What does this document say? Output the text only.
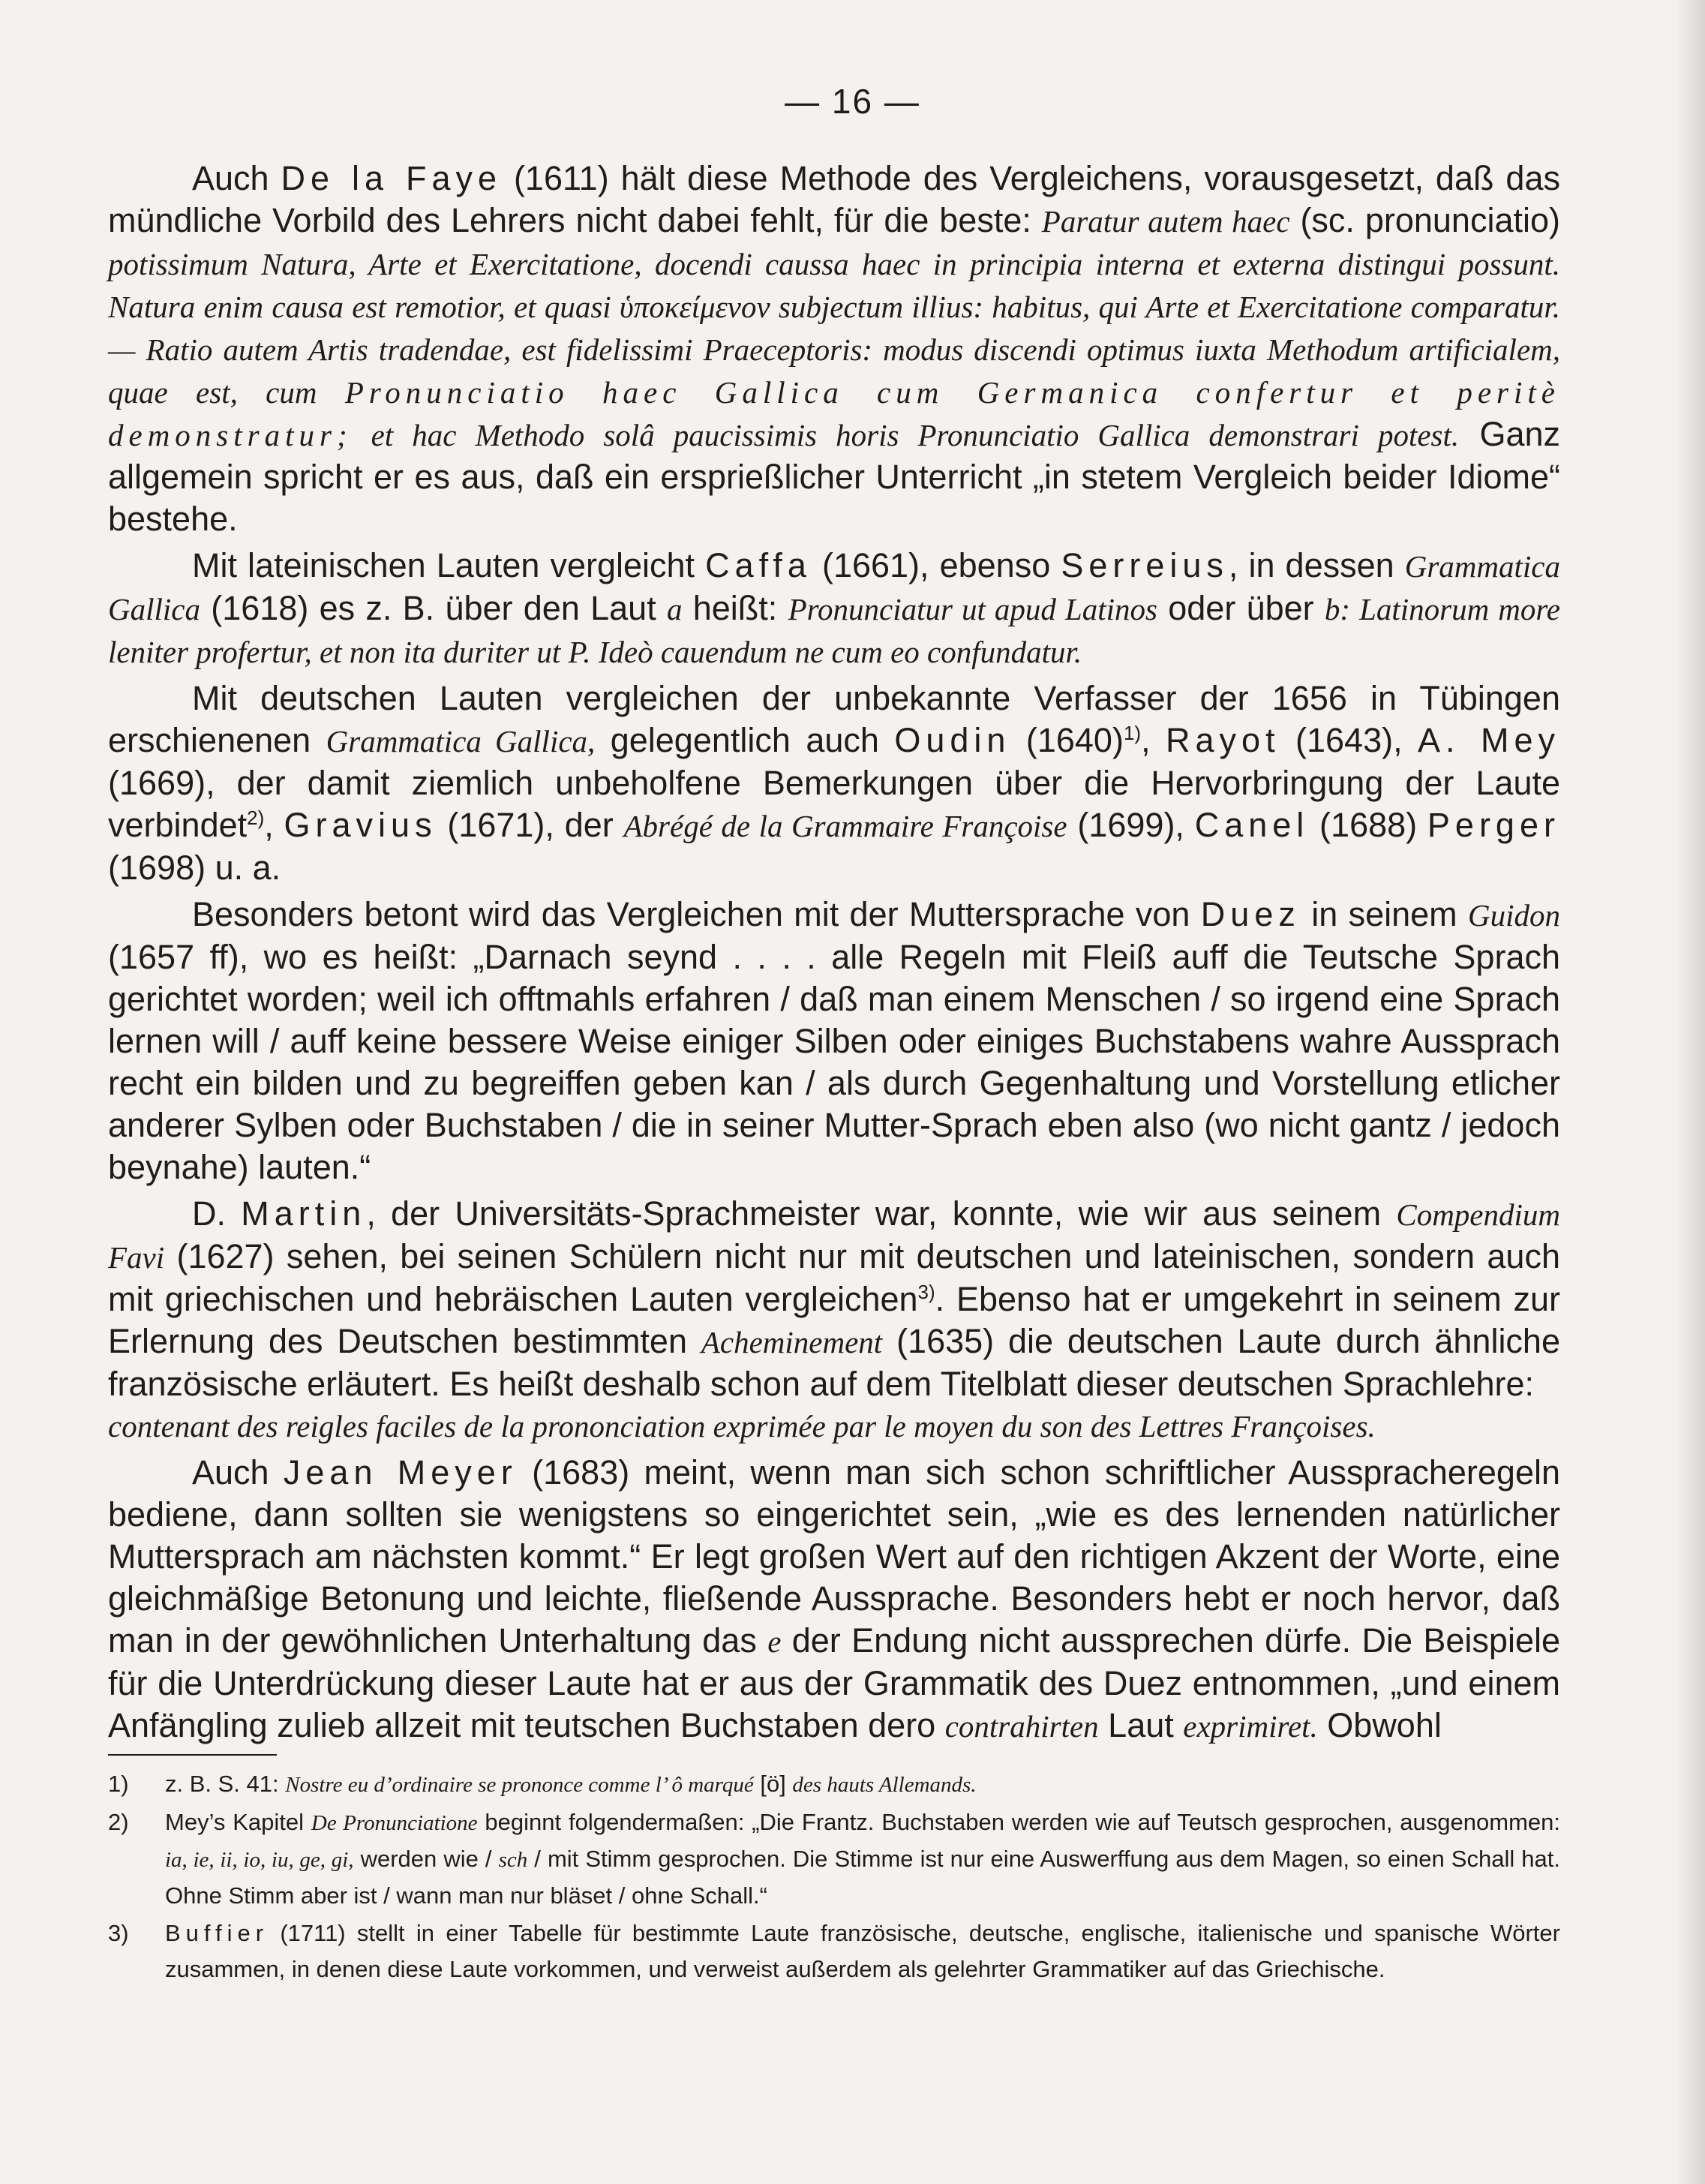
— 16 —

Auch De la Faye (1611) hält diese Methode des Vergleichens, vorausgesetzt, daß das mündliche Vorbild des Lehrers nicht dabei fehlt, für die beste: Paratur autem haec (sc. pronunciatio) potissimum Natura, Arte et Exercitatione, docendi caussa haec in principia interna et externa distingui possunt. Natura enim causa est remotior, et quasi ὑποκείμενον subjectum illius: habitus, qui Arte et Exercitatione comparatur. — Ratio autem Artis tradendae, est fidelissimi Praeceptoris: modus discendi optimus iuxta Methodum artificialem, quae est, cum Pronunciatio haec Gallica cum Germanica confertur et peritè demonstratur; et hac Methodo solâ paucissimis horis Pronunciatio Gallica demonstrari potest. Ganz allgemein spricht er es aus, daß ein ersprießlicher Unterricht „in stetem Vergleich beider Idiome“ bestehe.

Mit lateinischen Lauten vergleicht Caffa (1661), ebenso Serreius, in dessen Grammatica Gallica (1618) es z. B. über den Laut a heißt: Pronunciatur ut apud Latinos oder über b: Latinorum more leniter profertur, et non ita duriter ut P. Ideò cauendum ne cum eo confundatur.

Mit deutschen Lauten vergleichen der unbekannte Verfasser der 1656 in Tübingen erschienenen Grammatica Gallica, gelegentlich auch Oudin $(1640)^{1)}$, Rayot (1643), A. Mey (1669), der damit ziemlich unbeholfene Bemerkungen über die Hervorbringung der Laute verbindet$^{2)}$, Gravius (1671), der Abrégé de la Grammaire Françoise (1699), Canel (1688) Perger (1698) u. a.

Besonders betont wird das Vergleichen mit der Muttersprache von Duez in seinem Guidon (1657 ff), wo es heißt: „Darnach seynd . . . . alle Regeln mit Fleiß auff die Teutsche Sprach gerichtet worden; weil ich offtmahls erfahren / daß man einem Menschen / so irgend eine Sprach lernen will / auff keine bessere Weise einiger Silben oder einiges Buchstabens wahre Aussprach recht ein bilden und zu begreiffen geben kan / als durch Gegenhaltung und Vorstellung etlicher anderer Sylben oder Buchstaben / die in seiner Mutter-Sprach eben also (wo nicht gantz / jedoch beynahe) lauten.“

D. Martin, der Universitäts-Sprachmeister war, konnte, wie wir aus seinem Compendium Favi (1627) sehen, bei seinen Schülern nicht nur mit deutschen und lateinischen, sondern auch mit griechischen und hebräischen Lauten vergleichen$^{3)}$. Ebenso hat er umgekehrt in seinem zur Erlernung des Deutschen bestimmten Acheminement (1635) die deutschen Laute durch ähnliche französische erläutert. Es heißt deshalb schon auf dem Titelblatt dieser deutschen Sprachlehre:
contenant des reigles faciles de la prononciation exprimée par le moyen du son des Lettres Françoises.

Auch Jean Meyer (1683) meint, wenn man sich schon schriftlicher Ausspracheregeln bediene, dann sollten sie wenigstens so eingerichtet sein, „wie es des lernenden natürlicher Muttersprach am nächsten kommt.“ Er legt großen Wert auf den richtigen Akzent der Worte, eine gleichmäßige Betonung und leichte, fließende Aussprache. Besonders hebt er noch hervor, daß man in der gewöhnlichen Unterhaltung das e der Endung nicht aussprechen dürfe. Die Beispiele für die Unterdrückung dieser Laute hat er aus der Grammatik des Duez entnommen, „und einem Anfängling zulieb allzeit mit teutschen Buchstaben dero contrahirten Laut exprimiret. Obwohl

1)	z. B. S. 41: Nostre eu d’ordinaire se prononce comme l’ ô marqué [ö] des hauts Allemands.
2)	Mey’s Kapitel De Pronunciatione beginnt folgendermaßen: „Die Frantz. Buchstaben werden wie auf Teutsch gesprochen, ausgenommen: ia, ie, ii, io, iu, ge, gi, werden wie / sch / mit Stimm gesprochen. Die Stimme ist nur eine Auswerffung aus dem Magen, so einen Schall hat. Ohne Stimm aber ist / wann man nur bläset / ohne Schall.“
3)	Buffier (1711) stellt in einer Tabelle für bestimmte Laute französische, deutsche, englische, italienische und spanische Wörter zusammen, in denen diese Laute vorkommen, und verweist außerdem als gelehrter Grammatiker auf das Griechische.
